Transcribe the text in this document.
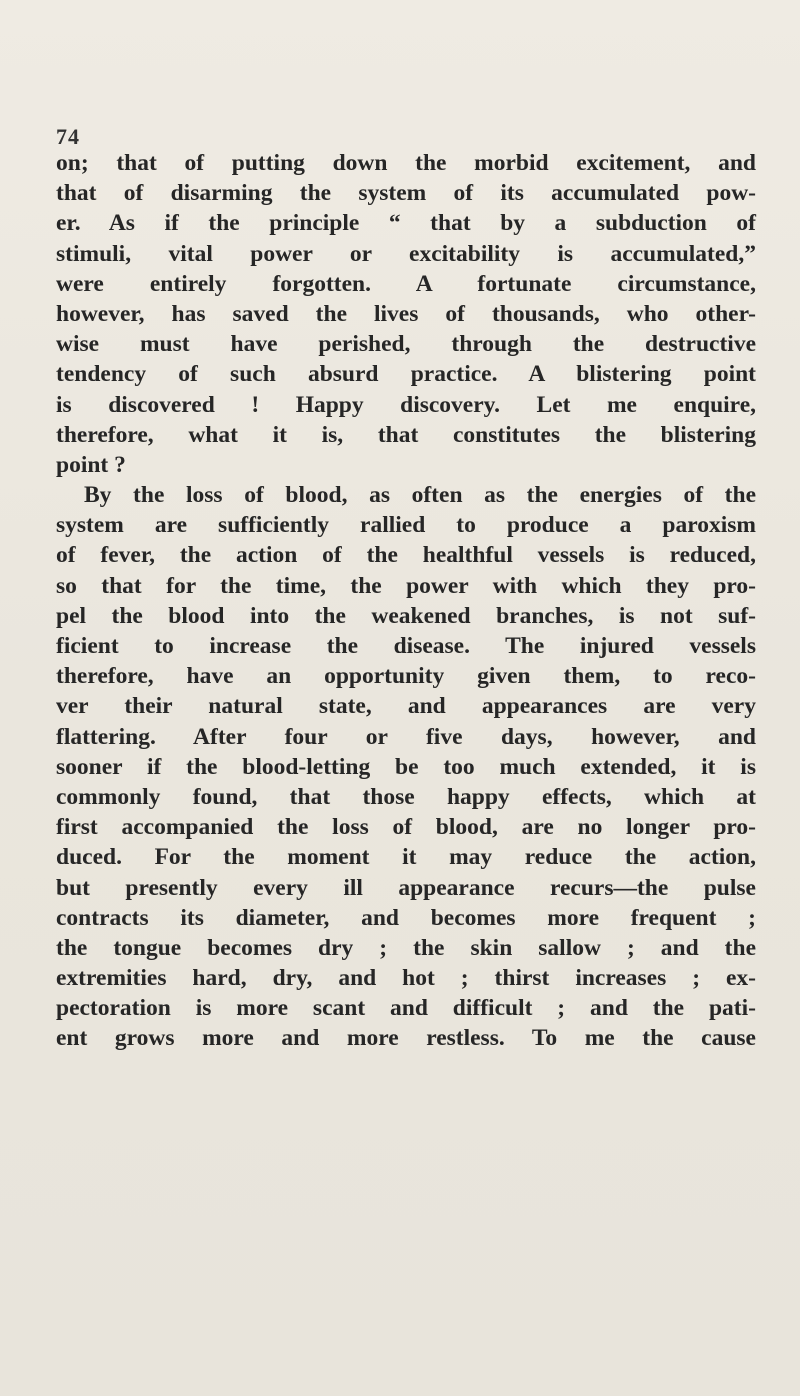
74
on; that of putting down the morbid excitement, and
that of disarming the system of its accumulated pow-
er. As if the principle “ that by a subduction of
stimuli, vital power or excitability is accumulated,”
were entirely forgotten. A fortunate circumstance,
however, has saved the lives of thousands, who other-
wise must have perished, through the destructive
tendency of such absurd practice. A blistering point
is discovered ! Happy discovery. Let me enquire,
therefore, what it is, that constitutes the blistering
point ?
By the loss of blood, as often as the energies of the
system are sufficiently rallied to produce a paroxism
of fever, the action of the healthful vessels is reduced,
so that for the time, the power with which they pro-
pel the blood into the weakened branches, is not suf-
ficient to increase the disease. The injured vessels
therefore, have an opportunity given them, to reco-
ver their natural state, and appearances are very
flattering. After four or five days, however, and
sooner if the blood-letting be too much extended, it is
commonly found, that those happy effects, which at
first accompanied the loss of blood, are no longer pro-
duced. For the moment it may reduce the action,
but presently every ill appearance recurs—the pulse
contracts its diameter, and becomes more frequent ;
the tongue becomes dry ; the skin sallow ; and the
extremities hard, dry, and hot ; thirst increases ; ex-
pectoration is more scant and difficult ; and the pati-
ent grows more and more restless. To me the cause
